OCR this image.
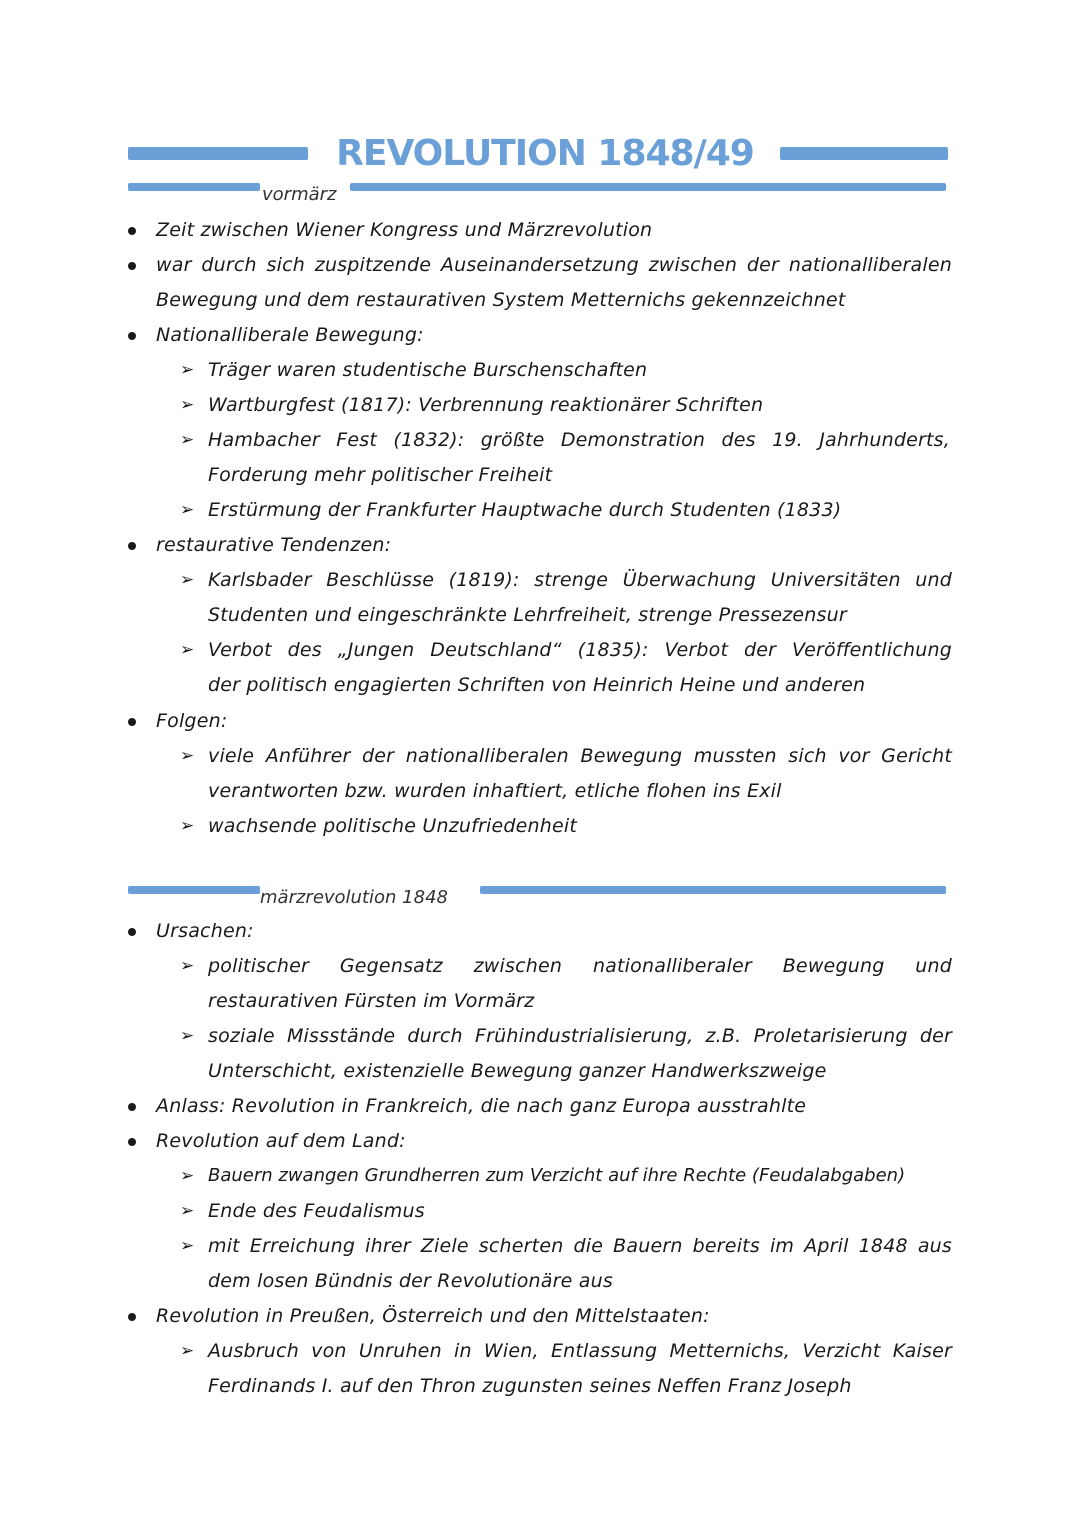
REVOLUTION 1848/49
vormärz
Zeit zwischen Wiener Kongress und Märzrevolution
war durch sich zuspitzende Auseinandersetzung zwischen der nationalliberalen
Bewegung und dem restaurativen System Metternichs gekennzeichnet
Nationalliberale Bewegung:
➢ Träger waren studentische Burschenschaften
➢ Wartburgfest (1817): Verbrennung reaktionärer Schriften
➢ Hambacher Fest (1832): größte Demonstration des 19. Jahrhunderts,
Forderung mehr politischer Freiheit
➢ Erstürmung der Frankfurter Hauptwache durch Studenten (1833)
restaurative Tendenzen:
➢ Karlsbader Beschlüsse (1819): strenge Überwachung Universitäten und
Studenten und eingeschränkte Lehrfreiheit, strenge Pressezensur
➢ Verbot des „Jungen Deutschland“ (1835): Verbot der Veröffentlichung
der politisch engagierten Schriften von Heinrich Heine und anderen
Folgen:
➢ viele Anführer der nationalliberalen Bewegung mussten sich vor Gericht
verantworten bzw. wurden inhaftiert, etliche flohen ins Exil
➢ wachsende politische Unzufriedenheit
märzrevolution 1848
Ursachen:
➢ politischer Gegensatz zwischen nationalliberaler Bewegung und
restaurativen Fürsten im Vormärz
➢ soziale Missstände durch Frühindustrialisierung, z.B. Proletarisierung der
Unterschicht, existenzielle Bewegung ganzer Handwerkszweige
Anlass: Revolution in Frankreich, die nach ganz Europa ausstrahlte
Revolution auf dem Land:
➢ Bauern zwangen Grundherren zum Verzicht auf ihre Rechte (Feudalabgaben)
➢ Ende des Feudalismus
➢ mit Erreichung ihrer Ziele scherten die Bauern bereits im April 1848 aus
dem losen Bündnis der Revolutionäre aus
Revolution in Preußen, Österreich und den Mittelstaaten:
➢ Ausbruch von Unruhen in Wien, Entlassung Metternichs, Verzicht Kaiser
Ferdinands I. auf den Thron zugunsten seines Neffen Franz Joseph
